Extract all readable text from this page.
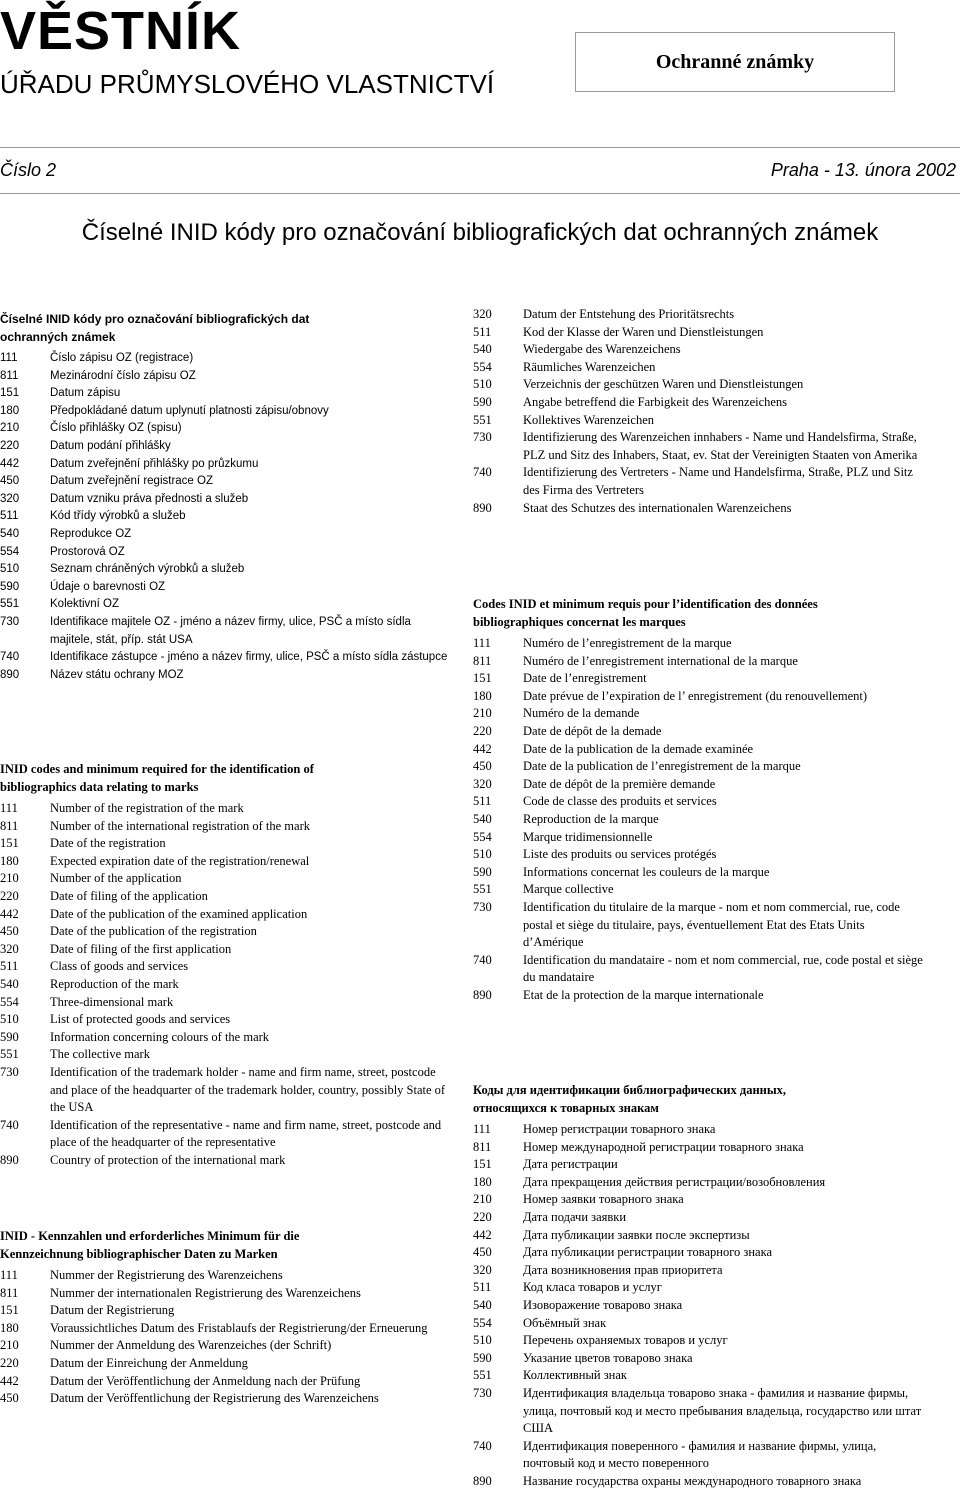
VĚSTNÍK
ÚŘADU PRŮMYSLOVÉHO VLASTNICTVÍ
Ochranné známky
Číslo 2	Praha - 13. února 2002
Číselné INID kódy pro označování bibliografických dat ochranných známek

Číselné INID kódy pro označování bibliografických dat ochranných známek

111	Číslo zápisu OZ (registrace)
811	Mezinárodní číslo zápisu OZ
151	Datum zápisu
180	Předpokládané datum uplynutí platnosti zápisu/obnovy
210	Číslo přihlášky OZ (spisu)
220	Datum podání přihlášky
442	Datum zveřejnění přihlášky po průzkumu
450	Datum zveřejnění registrace OZ
320	Datum vzniku práva přednosti a služeb
511	Kód třídy výrobků a služeb
540	Reprodukce OZ
554	Prostorová OZ
510	Seznam chráněných výrobků a služeb
590	Údaje o barevnosti OZ
551	Kolektivní OZ
730	Identifikace majitele OZ - jméno a název firmy, ulice, PSČ a místo sídla majitele, stát, příp. stát USA
740	Identifikace zástupce - jméno a název firmy, ulice, PSČ a místo sídla zástupce
890	Název státu ochrany MOZ

INID codes and minimum required for the identification of bibliographics data relating to marks

111	Number of the registration of the mark
811	Number of the international registration of the mark
151	Date of the registration
180	Expected expiration date of the registration/renewal
210	Number of the application
220	Date of filing of the application
442	Date of the publication of the examined application
450	Date of the publication of the registration
320	Date of filing of the first application
511	Class of goods and services
540	Reproduction of the mark
554	Three-dimensional mark
510	List of protected goods and services
590	Information concerning colours of the mark
551	The collective mark
730	Identification of the trademark holder - name and firm name, street, postcode and place of the headquarter of the trademark holder, country, possibly State of the USA
740	Identification of the representative - name and firm name, street, postcode and place of the headquarter of the representative
890	Country of protection of the international mark

INID - Kennzahlen und erforderliches Minimum für die Kennzeichnung bibliographischer Daten zu Marken

111	Nummer der Registrierung des Warenzeichens
811	Nummer der internationalen Registrierung des Warenzeichens
151	Datum der Registrierung
180	Voraussichtliches Datum des Fristablaufs der Registrierung/der Erneuerung
210	Nummer der Anmeldung des Warenzeiches (der Schrift)
220	Datum der Einreichung der Anmeldung
442	Datum der Veröffentlichung der Anmeldung nach der Prüfung
450	Datum der Veröffentlichung der Registrierung des Warenzeichens
320	Datum der Entstehung des Prioritätsrechts
511	Kod der Klasse der Waren und Dienstleistungen
540	Wiedergabe des Warenzeichens
554	Räumliches Warenzeichen
510	Verzeichnis der geschützen Waren und Dienstleistungen
590	Angabe betreffend die Farbigkeit des Warenzeichens
551	Kollektives Warenzeichen
730	Identifizierung des Warenzeichen innhabers - Name und Handelsfirma, Straße, PLZ und Sitz des Inhabers, Staat, ev. Stat der Vereinigten Staaten von Amerika
740	Identifizierung des Vertreters - Name und Handelsfirma, Straße, PLZ und Sitz des Firma des Vertreters
890	Staat des Schutzes des internationalen Warenzeichens

Codes INID et minimum requis pour l’identification des données bibliographiques concernat les marques

111	Numéro de l’enregistrement de la marque
811	Numéro de l’enregistrement international de la marque
151	Date de l’enregistrement
180	Date prévue de l’expiration de l’ enregistrement (du renouvellement)
210	Numéro de la demande
220	Date de dépôt de la demade
442	Date de la publication de la demade examinée
450	Date de la publication de l’enregistrement de la marque
320	Date de dépôt de la première demande
511	Code de classe des produits et services
540	Reproduction de la marque
554	Marque tridimensionnelle
510	Liste des produits ou services protégés
590	Informations concernat les couleurs de la marque
551	Marque collective
730	Identification du titulaire de la marque - nom et nom commercial, rue, code postal et siège du titulaire, pays, éventuellement Etat des Etats Units d’Amérique
740	Identification du mandataire - nom et nom commercial, rue, code postal et siège du mandataire
890	Etat de la protection de la marque internationale

Коды для идентификации библиографических данных, относящихся к товарных знакам

111	Номер регистрации товарного знака
811	Номер международной регистрации товарного знака
151	Дата регистрации
180	Дата прекращения действия регистрации/возобновления
210	Номер заявки товарного знака
220	Дата подачи заявки
442	Дата публикации заявки после экспертизы
450	Дата публикации регистрации товарного знака
320	Дата возникновения прав приоритета
511	Код класа товаров и услуг
540	Изоворажение товарово знака
554	Объёмный знак
510	Перечень охраняемых товаров и услуг
590	Указание цветов товарово знака
551	Коллективный знак
730	Идентификация владельца товарово знака - фамилия и название фирмы, улица, почтовый код и место пребывания владельца, государство или штат США
740	Идентификация поверенного - фамилия и название фирмы, улица, почтовый код и место поверенного
890	Название государства охраны международного товарного знака
